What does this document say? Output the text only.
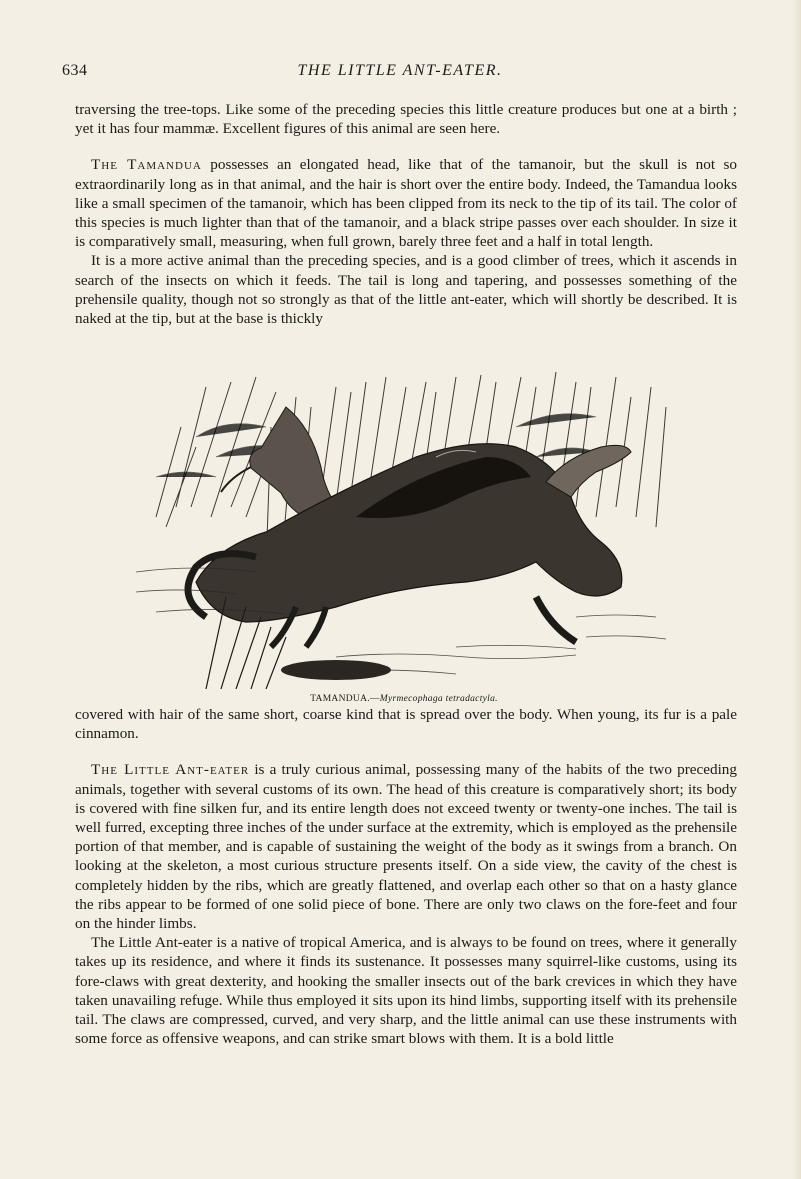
634	THE LITTLE ANT-EATER.

traversing the tree-tops. Like some of the preceding species this little creature produces but one at a birth ; yet it has four mammæ. Excellent figures of this animal are seen here.

The Tamandua possesses an elongated head, like that of the tamanoir, but the skull is not so extraordinarily long as in that animal, and the hair is short over the entire body. Indeed, the Tamandua looks like a small specimen of the tamanoir, which has been clipped from its neck to the tip of its tail. The color of this species is much lighter than that of the tamanoir, and a black stripe passes over each shoulder. In size it is comparatively small, measuring, when full grown, barely three feet and a half in total length.

It is a more active animal than the preceding species, and is a good climber of trees, which it ascends in search of the insects on which it feeds. The tail is long and tapering, and possesses something of the prehensile quality, though not so strongly as that of the little ant-eater, which will shortly be described. It is naked at the tip, but at the base is thickly

TAMANDUA.—Myrmecophaga tetradactyla.

covered with hair of the same short, coarse kind that is spread over the body. When young, its fur is a pale cinnamon.

The Little Ant-eater is a truly curious animal, possessing many of the habits of the two preceding animals, together with several customs of its own. The head of this creature is comparatively short; its body is covered with fine silken fur, and its entire length does not exceed twenty or twenty-one inches. The tail is well furred, excepting three inches of the under surface at the extremity, which is employed as the prehensile portion of that member, and is capable of sustaining the weight of the body as it swings from a branch. On looking at the skeleton, a most curious structure presents itself. On a side view, the cavity of the chest is completely hidden by the ribs, which are greatly flattened, and overlap each other so that on a hasty glance the ribs appear to be formed of one solid piece of bone. There are only two claws on the fore-feet and four on the hinder limbs.

The Little Ant-eater is a native of tropical America, and is always to be found on trees, where it generally takes up its residence, and where it finds its sustenance. It possesses many squirrel-like customs, using its fore-claws with great dexterity, and hooking the smaller insects out of the bark crevices in which they have taken unavailing refuge. While thus employed it sits upon its hind limbs, supporting itself with its prehensile tail. The claws are compressed, curved, and very sharp, and the little animal can use these instruments with some force as offensive weapons, and can strike smart blows with them. It is a bold little
